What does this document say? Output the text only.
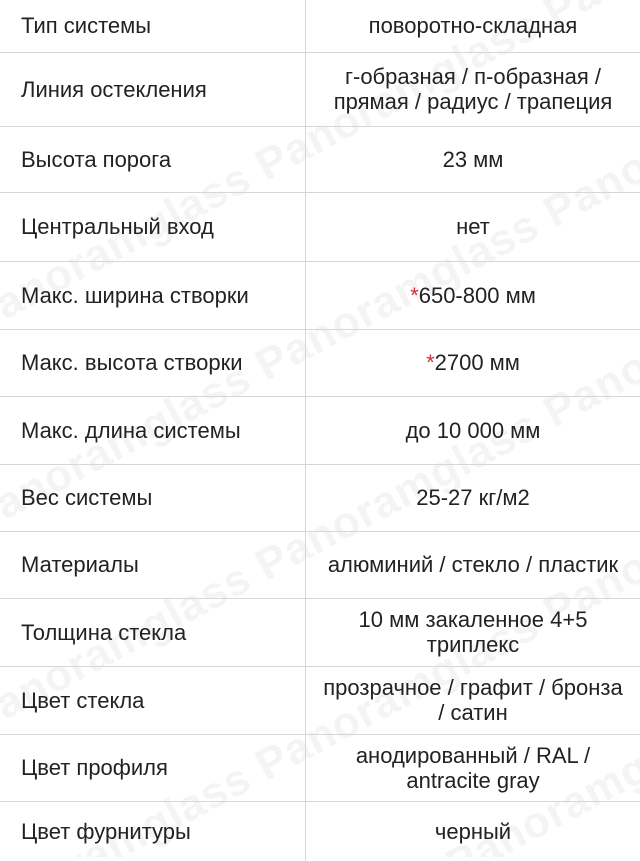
Тип системы	поворотно-складная
Линия остекления	г-образная / п-образная / прямая / радиус / трапеция
Высота порога	23 мм
Центральный вход	нет
Макс. ширина створки	*650-800 мм
Макс. высота створки	*2700 мм
Макс. длина системы	до 10 000 мм
Вес системы	25-27 кг/м2
Материалы	алюминий / стекло / пластик
Толщина стекла	10 мм закаленное 4+5 триплекс
Цвет стекла	прозрачное / графит / бронза / сатин
Цвет профиля	анодированный / RAL / antracite gray
Цвет фурнитуры	черный
